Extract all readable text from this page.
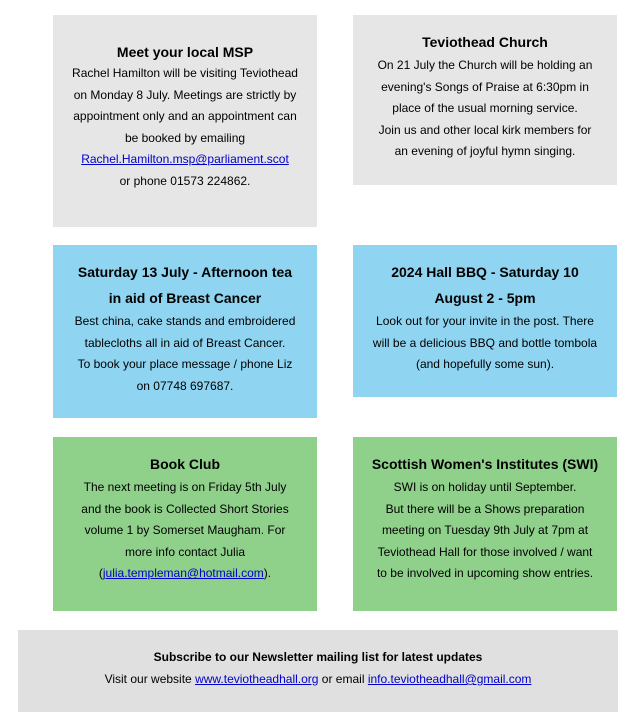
Meet your local MSP
Rachel Hamilton will be visiting Teviothead
on Monday 8 July. Meetings are strictly by
appointment only and an appointment can
be booked by emailing
Rachel.Hamilton.msp@parliament.scot
or phone 01573 224862.
Teviothead Church
On 21 July the Church will be holding an
evening's Songs of Praise at 6:30pm in
place of the usual morning service.
Join us and other local kirk members for
an evening of joyful hymn singing.
Saturday 13 July - Afternoon tea
in aid of Breast Cancer
Best china, cake stands and embroidered
tablecloths all in aid of Breast Cancer.
To book your place message / phone Liz
on 07748 697687.
2024 Hall BBQ - Saturday 10
August 2 - 5pm
Look out for your invite in the post. There
will be a delicious BBQ and bottle tombola
(and hopefully some sun).
Book Club
The next meeting is on Friday 5th July
and the book is Collected Short Stories
volume 1 by Somerset Maugham. For
more info contact Julia
(julia.templeman@hotmail.com).
Scottish Women's Institutes (SWI)
SWI is on holiday until September.
But there will be a Shows preparation
meeting on Tuesday 9th July at 7pm at
Teviothead Hall for those involved / want
to be involved in upcoming show entries.
Subscribe to our Newsletter mailing list for latest updates
Visit our website www.teviotheadhall.org or email info.teviotheadhall@gmail.com
